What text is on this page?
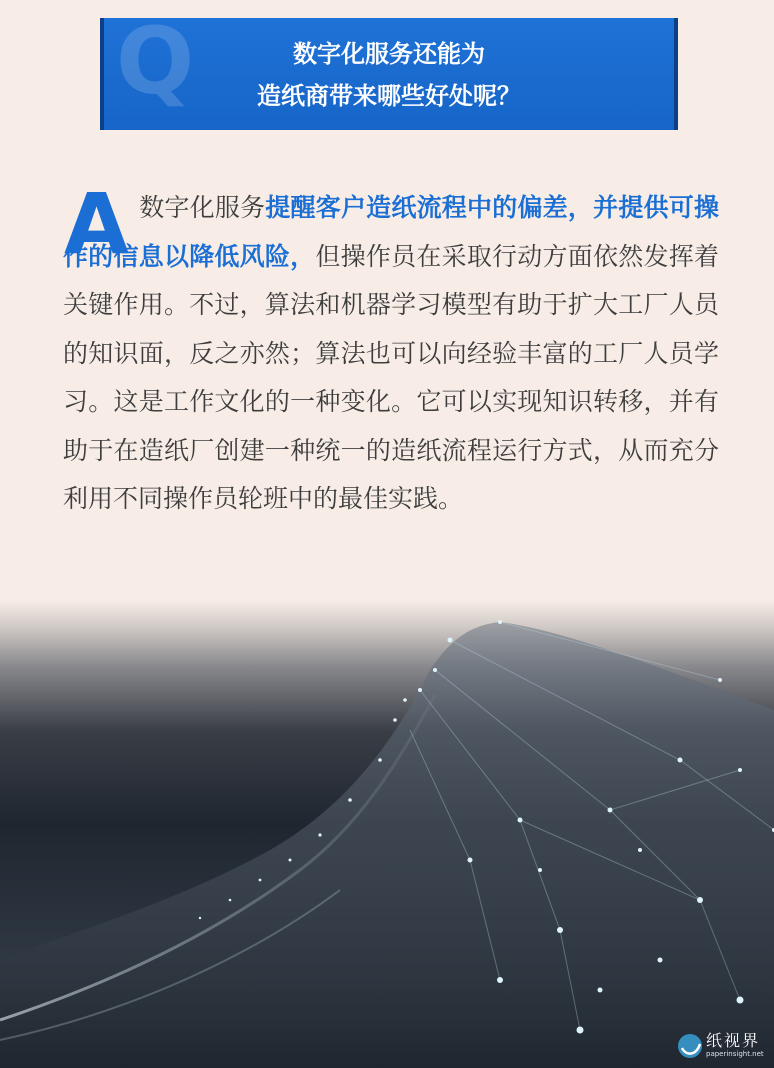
Q	数字化服务还能为
造纸商带来哪些好处呢？
A 数字化服务提醒客户造纸流程中的偏差，并提供可操作的信息以降低风险，但操作员在采取行动方面依然发挥着关键作用。不过，算法和机器学习模型有助于扩大工厂人员的知识面，反之亦然；算法也可以向经验丰富的工厂人员学习。这是工作文化的一种变化。它可以实现知识转移，并有助于在造纸厂创建一种统一的造纸流程运行方式，从而充分利用不同操作员轮班中的最佳实践。
纸视界
paperinsight.net
